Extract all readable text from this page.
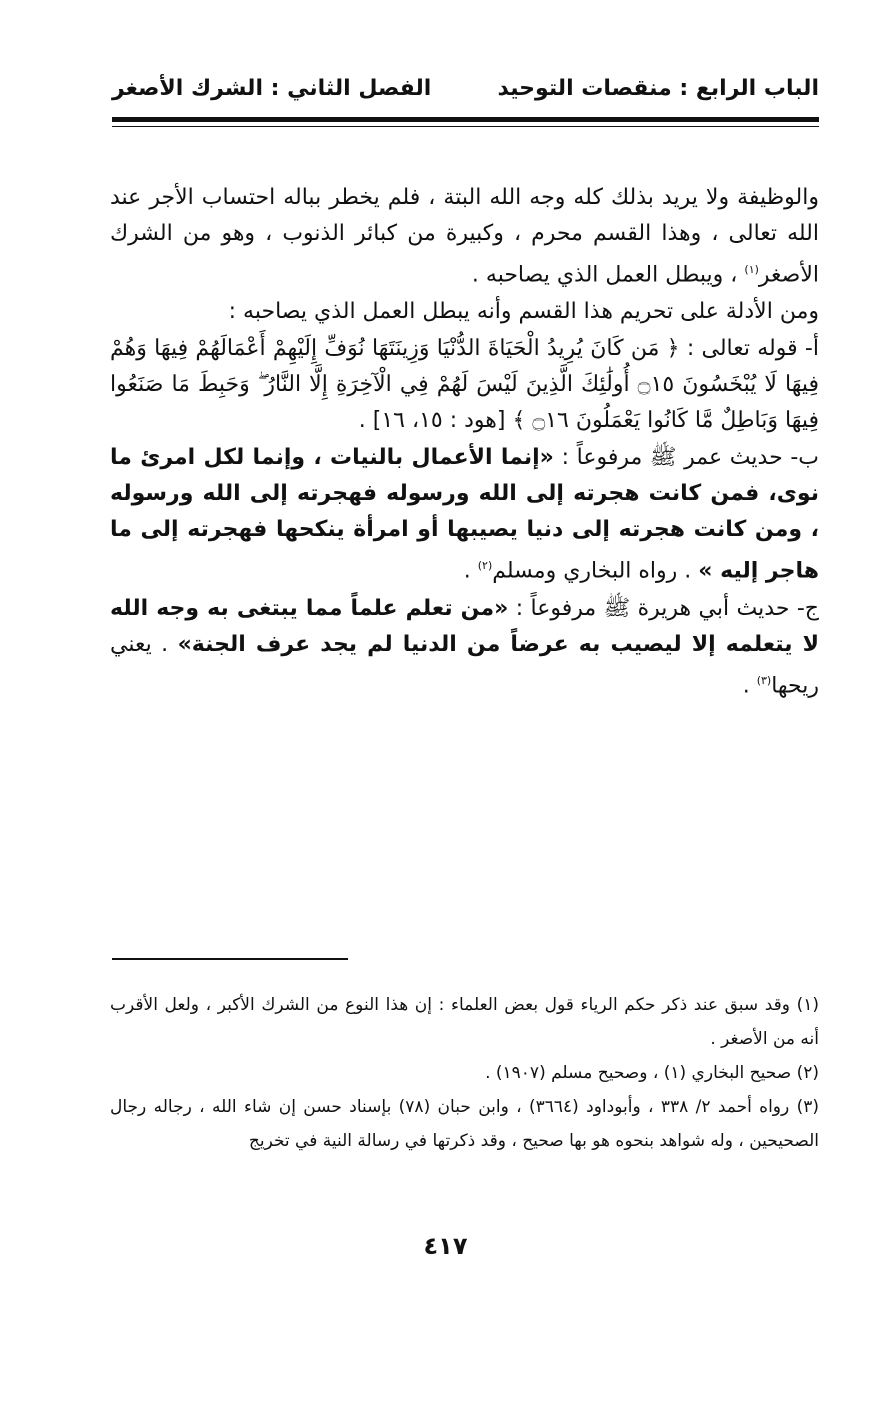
الباب الرابع : منقصات التوحيد
الفصل الثاني : الشرك الأصغر

والوظيفة ولا يريد بذلك كله وجه الله البتة ، فلم يخطر بباله احتساب الأجر عند الله تعالى ، وهذا القسم محرم ، وكبيرة من كبائر الذنوب ، وهو من الشرك الأصغر$^{(١)}$ ، ويبطل العمل الذي يصاحبه .

ومن الأدلة على تحريم هذا القسم وأنه يبطل العمل الذي يصاحبه :

أ- قوله تعالى : ﴿ مَن كَانَ يُرِيدُ الْحَيَاةَ الدُّنْيَا وَزِينَتَهَا نُوَفِّ إِلَيْهِمْ أَعْمَالَهُمْ فِيهَا وَهُمْ فِيهَا لَا يُبْخَسُونَ ۝١٥ أُولَٰئِكَ الَّذِينَ لَيْسَ لَهُمْ فِي الْآخِرَةِ إِلَّا النَّارُ ۖ وَحَبِطَ مَا صَنَعُوا فِيهَا وَبَاطِلٌ مَّا كَانُوا يَعْمَلُونَ ۝١٦ ﴾ [هود : ١٥، ١٦] .

ب- حديث عمر ﷺ مرفوعاً : «إنما الأعمال بالنيات ، وإنما لكل امرئ ما نوى، فمن كانت هجرته إلى الله ورسوله فهجرته إلى الله ورسوله ، ومن كانت هجرته إلى دنيا يصيبها أو امرأة ينكحها فهجرته إلى ما هاجر إليه » . رواه البخاري ومسلم$^{(٢)}$ .

ج- حديث أبي هريرة ﷺ مرفوعاً : «من تعلم علماً مما يبتغى به وجه الله لا يتعلمه إلا ليصيب به عرضاً من الدنيا لم يجد عرف الجنة» . يعني ريحها$^{(٣)}$ .

(١) وقد سبق عند ذكر حكم الرياء قول بعض العلماء : إن هذا النوع من الشرك الأكبر ، ولعل الأقرب أنه من الأصغر .

(٢) صحيح البخاري (١) ، وصحيح مسلم (١٩٠٧) .

(٣) رواه أحمد ٢/ ٣٣٨ ، وأبوداود (٣٦٦٤) ، وابن حبان (٧٨) بإسناد حسن إن شاء الله ، رجاله رجال الصحيحين ، وله شواهد بنحوه هو بها صحيح ، وقد ذكرتها في رسالة النية في تخريج

٤١٧
